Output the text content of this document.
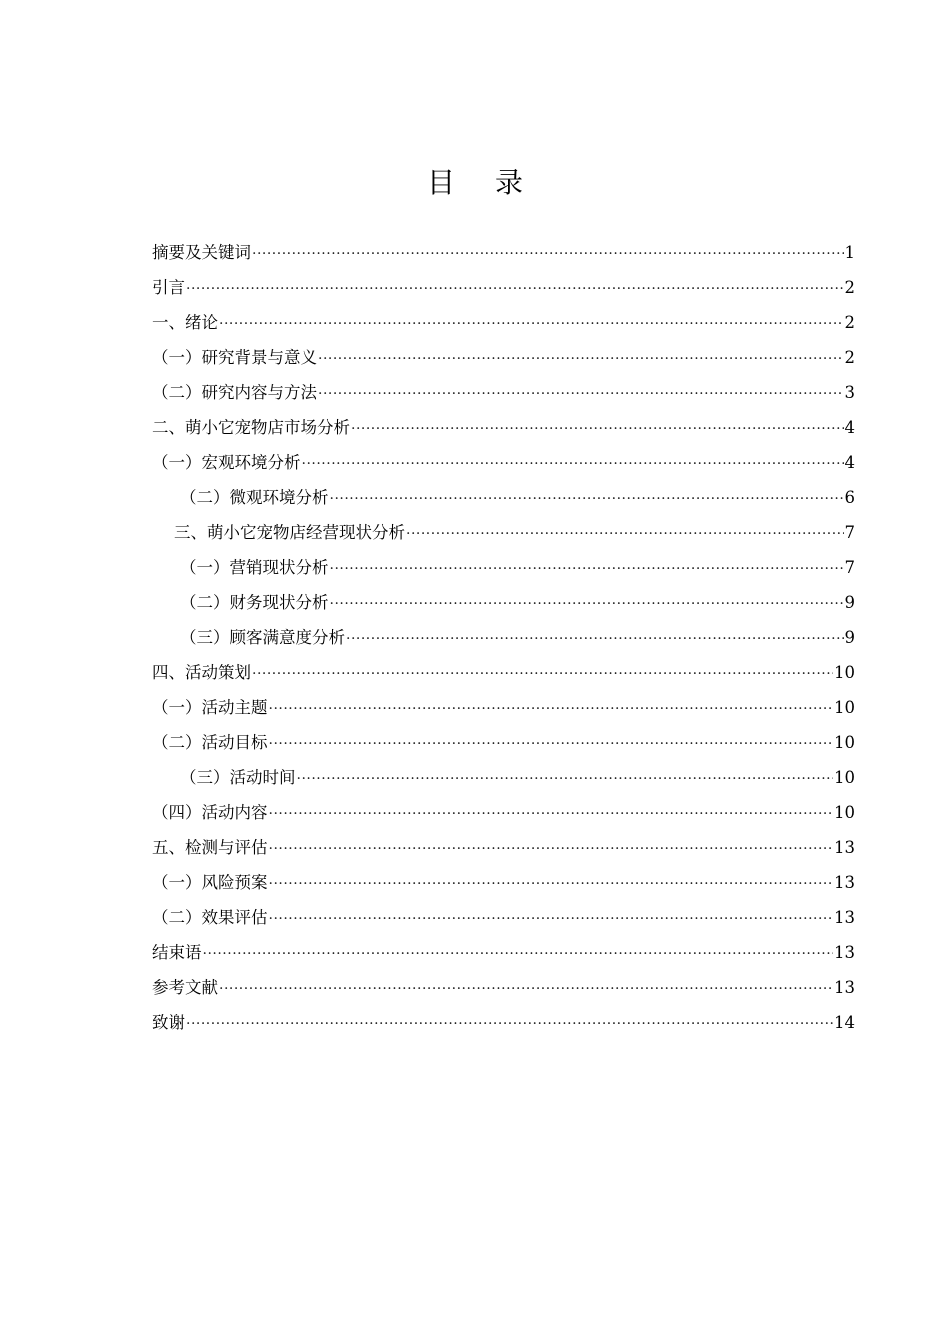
目录
摘要及关键词 ·····	1
引言 ·····	2
一、绪论 ·····	2
（一）研究背景与意义 ·····	2
（二）研究内容与方法 ·····	3
二、萌小它宠物店市场分析 ·····	4
（一）宏观环境分析 ·····	4
（二）微观环境分析 ·····	6
三、萌小它宠物店经营现状分析 ·····	7
（一）营销现状分析 ·····	7
（二）财务现状分析 ·····	9
（三）顾客满意度分析 ·····	9
四、活动策划 ·····	10
（一）活动主题 ·····	10
（二）活动目标 ·····	10
（三）活动时间 ·····	10
（四）活动内容 ·····	10
五、检测与评估 ·····	13
（一）风险预案 ·····	13
（二）效果评估 ·····	13
结束语 ·····	13
参考文献 ·····	13
致谢 ·····	14
